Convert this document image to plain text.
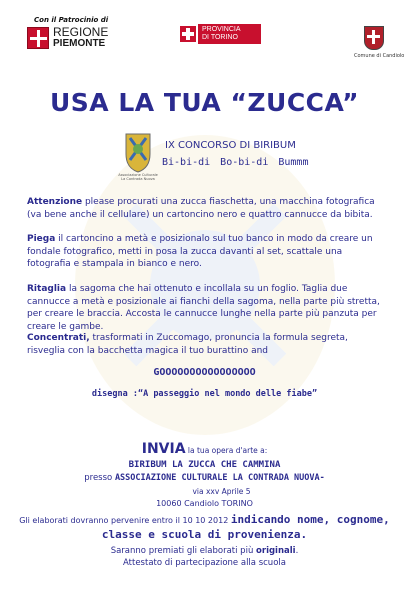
Con il Patrocinio di
REGIONE
PIEMONTE
PROVINCIA
DI TORINO
Comune di Candiolo
USA LA TUA “ZUCCA”
Associazione Culturale La Contrada Nuova
IX CONCORSO DI BIRIBUM
Bi-bi-di Bo-bi-di Bummm
Attenzione please procurati una zucca fiaschetta, una macchina fotografica (va bene anche il cellulare) un cartoncino nero e quattro cannucce da bibita.
Piega il cartoncino a metà e posizionalo sul tuo banco in modo da creare un fondale fotografico, metti in posa la zucca davanti al set, scattale una fotografia e stampala in bianco e nero.
Ritaglia la sagoma che hai ottenuto e incollala su un foglio. Taglia due cannucce a metà e posizionale ai fianchi della sagoma, nella parte più stretta, per creare le braccia. Accosta le cannucce lunghe nella parte più panzuta per creare le gambe.
Concentrati, trasformati in Zuccomago, pronuncia la formula segreta, risveglia con la bacchetta magica il tuo burattino and
GOOOOOOOOOOOOOOOO
disegna :“A passeggio nel mondo delle fiabe”
INVIA la tua opera d'arte a:
BIRIBUM LA ZUCCA CHE CAMMINA
presso ASSOCIAZIONE CULTURALE LA CONTRADA NUOVA-
via xxv Aprile 5
10060 Candiolo TORINO
Gli elaborati dovranno pervenire entro il 10 10 2012 indicando nome, cognome,
classe e scuola di provenienza.
Saranno premiati gli elaborati più originali.
Attestato di partecipazione alla scuola
